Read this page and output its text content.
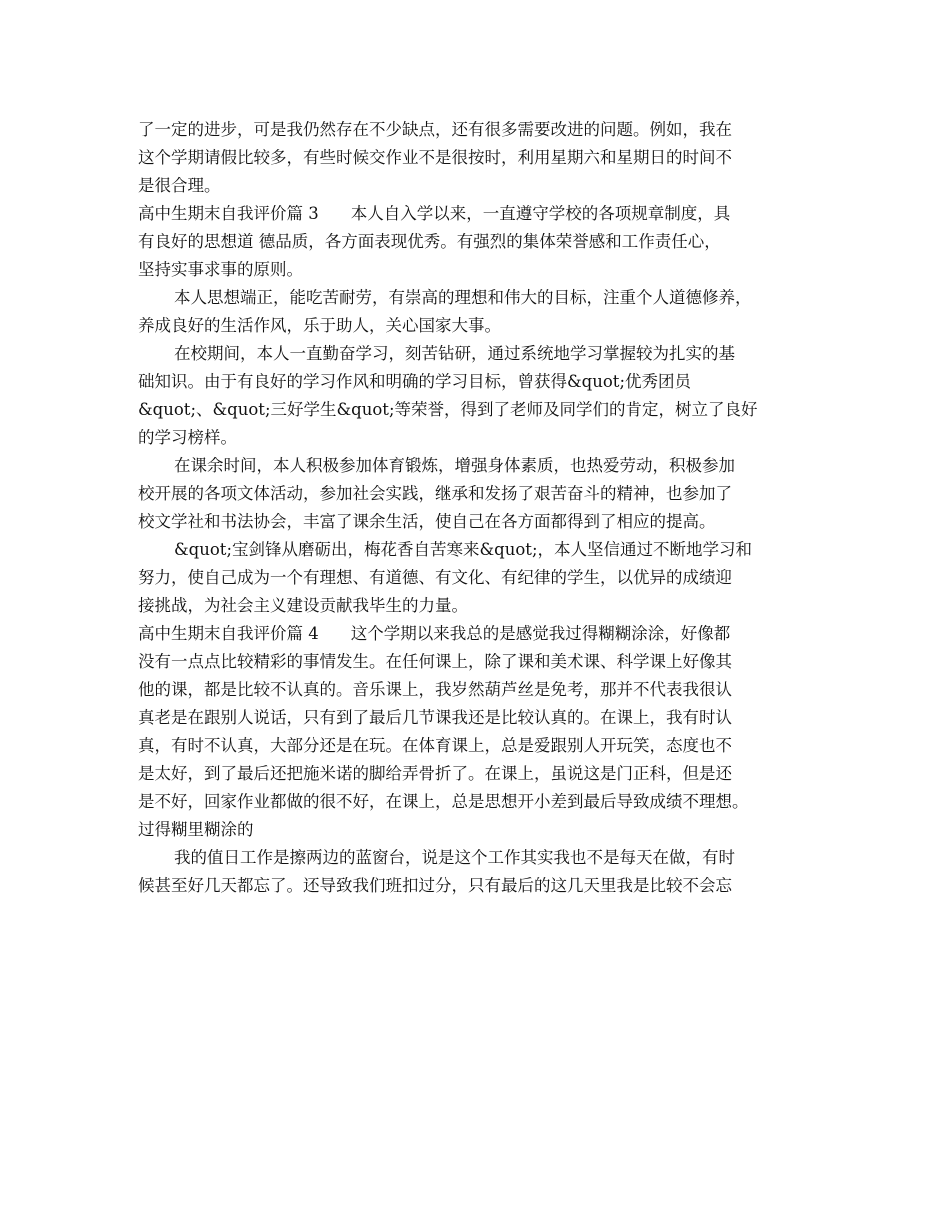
了一定的进步，可是我仍然存在不少缺点，还有很多需要改进的问题。例如，我在

这个学期请假比较多，有些时候交作业不是很按时，利用星期六和星期日的时间不

是很合理。

高中生期末自我评价篇 3 本人自入学以来，一直遵守学校的各项规章制度，具

有良好的思想道 德品质，各方面表现优秀。有强烈的集体荣誉感和工作责任心，

坚持实事求事的原则。

本人思想端正，能吃苦耐劳，有崇高的理想和伟大的目标，注重个人道德修养，

养成良好的生活作风，乐于助人，关心国家大事。

在校期间，本人一直勤奋学习，刻苦钻研，通过系统地学习掌握较为扎实的基

础知识。由于有良好的学习作风和明确的学习目标，曾获得&quot;优秀团员

&quot;、&quot;三好学生&quot;等荣誉，得到了老师及同学们的肯定，树立了良好

的学习榜样。

在课余时间，本人积极参加体育锻炼，增强身体素质，也热爱劳动，积极参加

校开展的各项文体活动，参加社会实践，继承和发扬了艰苦奋斗的精神，也参加了

校文学社和书法协会，丰富了课余生活，使自己在各方面都得到了相应的提高。

&quot;宝剑锋从磨砺出，梅花香自苦寒来&quot;，本人坚信通过不断地学习和

努力，使自己成为一个有理想、有道德、有文化、有纪律的学生，以优异的成绩迎

接挑战，为社会主义建设贡献我毕生的力量。

高中生期末自我评价篇 4 这个学期以来我总的是感觉我过得糊糊涂涂，好像都

没有一点点比较精彩的事情发生。在任何课上，除了课和美术课、科学课上好像其

他的课，都是比较不认真的。音乐课上，我岁然葫芦丝是免考，那并不代表我很认

真老是在跟别人说话，只有到了最后几节课我还是比较认真的。在课上，我有时认

真，有时不认真，大部分还是在玩。在体育课上，总是爱跟别人开玩笑，态度也不

是太好，到了最后还把施米诺的脚给弄骨折了。在课上，虽说这是门正科，但是还

是不好，回家作业都做的很不好，在课上，总是思想开小差到最后导致成绩不理想。

过得糊里糊涂的

我的值日工作是擦两边的蓝窗台，说是这个工作其实我也不是每天在做，有时

候甚至好几天都忘了。还导致我们班扣过分，只有最后的这几天里我是比较不会忘
